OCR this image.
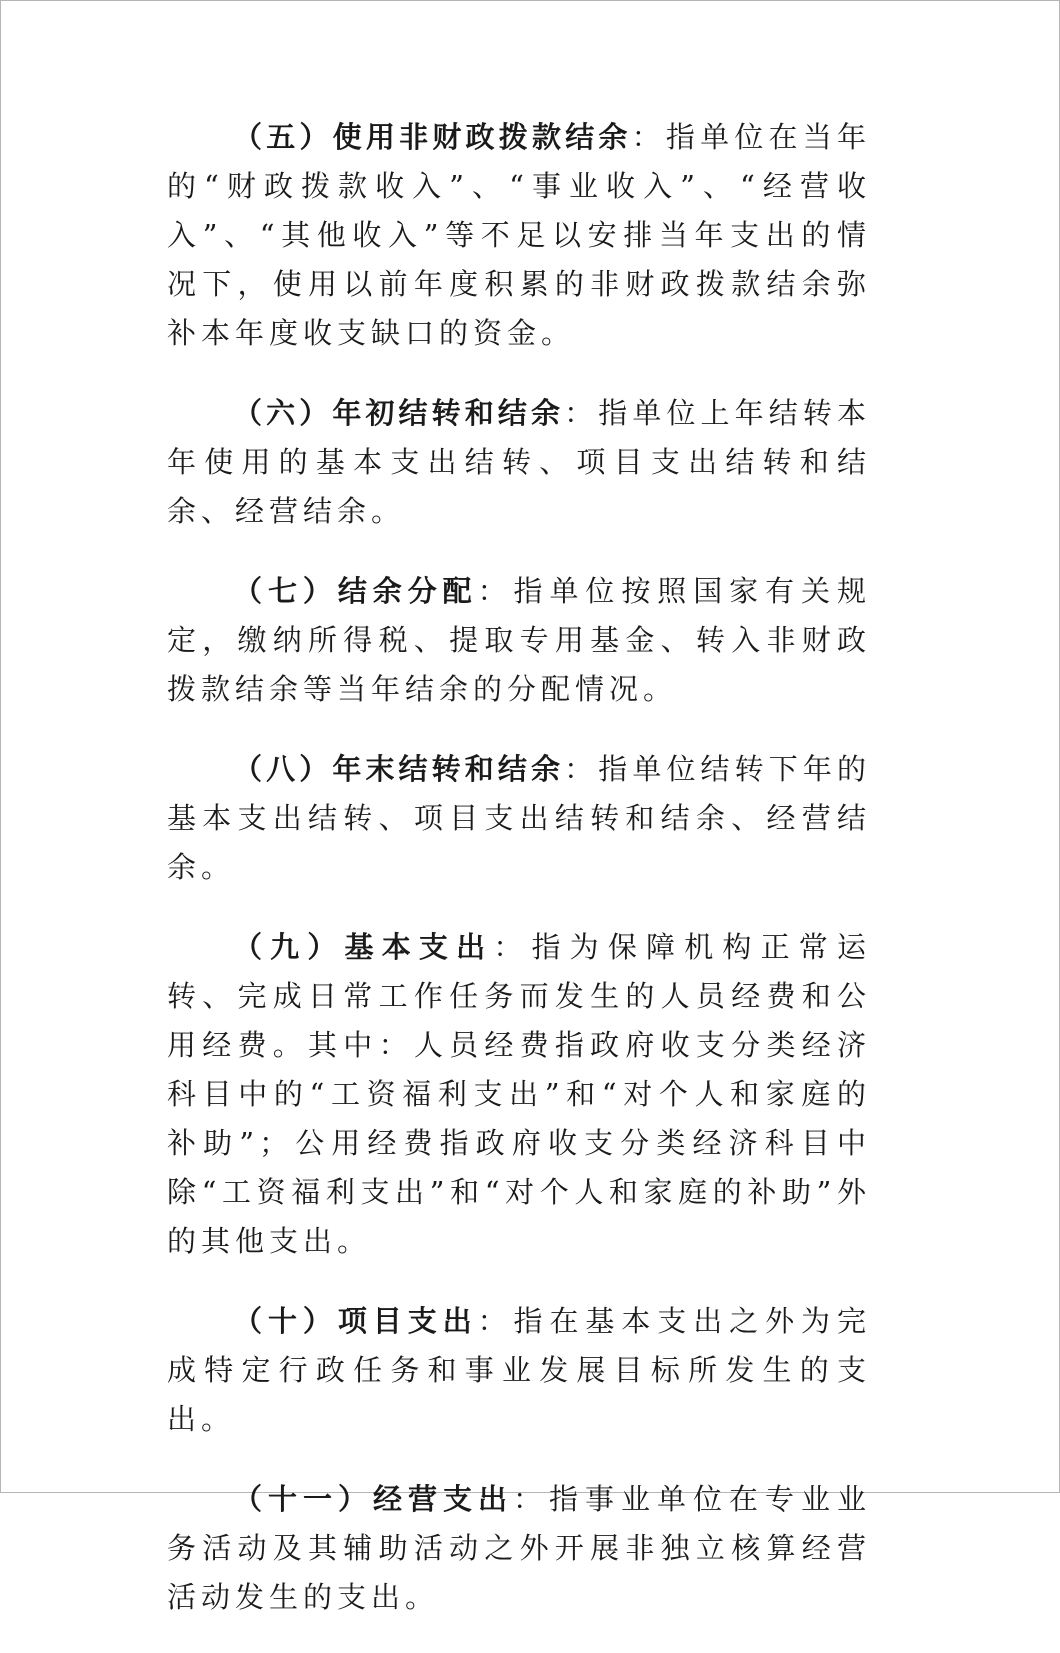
（五）使用非财政拨款结余：指单位在当年的“财政拨款收入”、“事业收入”、“经营收入”、“其他收入”等不足以安排当年支出的情况下，使用以前年度积累的非财政拨款结余弥补本年度收支缺口的资金。

（六）年初结转和结余：指单位上年结转本年使用的基本支出结转、项目支出结转和结余、经营结余。

（七）结余分配：指单位按照国家有关规定，缴纳所得税、提取专用基金、转入非财政拨款结余等当年结余的分配情况。

（八）年末结转和结余：指单位结转下年的基本支出结转、项目支出结转和结余、经营结余。

（九）基本支出：指为保障机构正常运转、完成日常工作任务而发生的人员经费和公用经费。其中：人员经费指政府收支分类经济科目中的“工资福利支出”和“对个人和家庭的补助”；公用经费指政府收支分类经济科目中除“工资福利支出”和“对个人和家庭的补助”外的其他支出。

（十）项目支出：指在基本支出之外为完成特定行政任务和事业发展目标所发生的支出。

（十一）经营支出：指事业单位在专业业务活动及其辅助活动之外开展非独立核算经营活动发生的支出。
